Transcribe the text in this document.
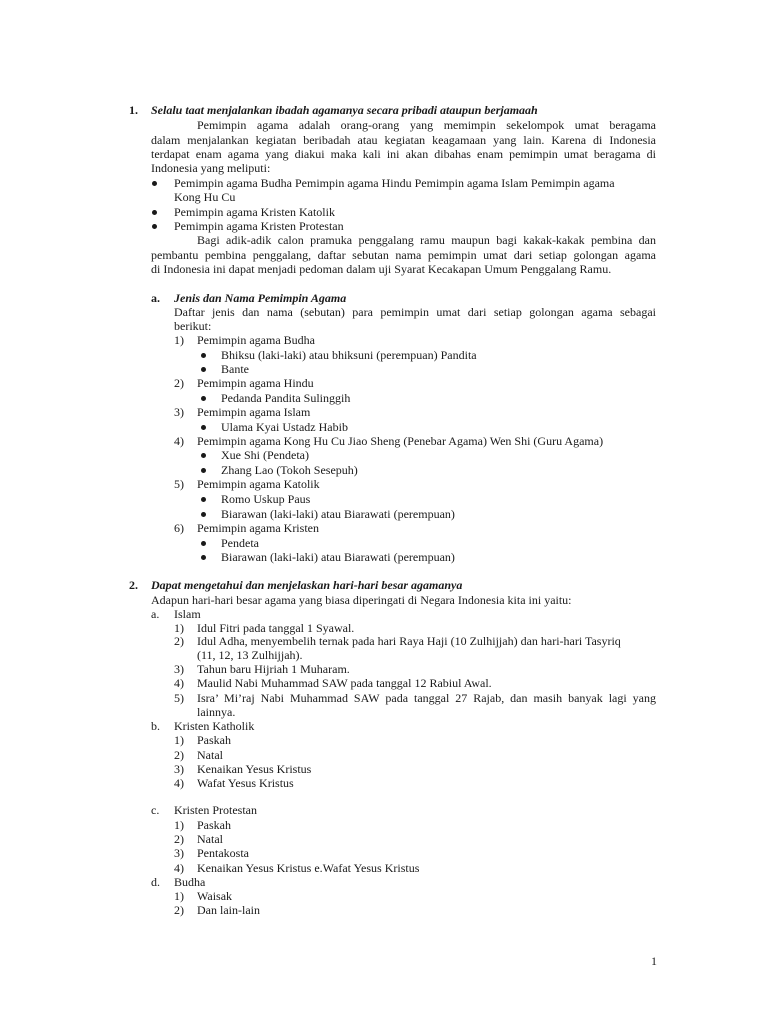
1
1. Selalu taat menjalankan ibadah agamanya secara pribadi ataupun berjamaah
Pemimpin agama adalah orang-orang yang memimpin sekelompok umat beragama
dalam menjalankan kegiatan beribadah atau kegiatan keagamaan yang lain. Karena di Indonesia
terdapat enam agama yang diakui maka kali ini akan dibahas enam pemimpin umat beragama di
Indonesia yang meliputi:
Pemimpin agama Budha Pemimpin agama Hindu Pemimpin agama Islam Pemimpin agama
Kong Hu Cu
Pemimpin agama Kristen Katolik
Pemimpin agama Kristen Protestan
Bagi adik-adik calon pramuka penggalang ramu maupun bagi kakak-kakak pembina dan
pembantu pembina penggalang, daftar sebutan nama pemimpin umat dari setiap golongan agama
di Indonesia ini dapat menjadi pedoman dalam uji Syarat Kecakapan Umum Penggalang Ramu.
a. Jenis dan Nama Pemimpin Agama
Daftar jenis dan nama (sebutan) para pemimpin umat dari setiap golongan agama sebagai
berikut:
1) Pemimpin agama Budha
Bhiksu (laki-laki) atau bhiksuni (perempuan) Pandita
Bante
2) Pemimpin agama Hindu
Pedanda Pandita Sulinggih
3) Pemimpin agama Islam
Ulama Kyai Ustadz Habib
4) Pemimpin agama Kong Hu Cu Jiao Sheng (Penebar Agama) Wen Shi (Guru Agama)
Xue Shi (Pendeta)
Zhang Lao (Tokoh Sesepuh)
5) Pemimpin agama Katolik
Romo Uskup Paus
Biarawan (laki-laki) atau Biarawati (perempuan)
6) Pemimpin agama Kristen
Pendeta
Biarawan (laki-laki) atau Biarawati (perempuan)
2. Dapat mengetahui dan menjelaskan hari-hari besar agamanya
Adapun hari-hari besar agama yang biasa diperingati di Negara Indonesia kita ini yaitu:
a. Islam
1) Idul Fitri pada tanggal 1 Syawal.
2) Idul Adha, menyembelih ternak pada hari Raya Haji (10 Zulhijjah) dan hari-hari Tasyriq
(11, 12, 13 Zulhijjah).
3) Tahun baru Hijriah 1 Muharam.
4) Maulid Nabi Muhammad SAW pada tanggal 12 Rabiul Awal.
5) Isra’ Mi’raj Nabi Muhammad SAW pada tanggal 27 Rajab, dan masih banyak lagi yang
lainnya.
b. Kristen Katholik
1) Paskah
2) Natal
3) Kenaikan Yesus Kristus
4) Wafat Yesus Kristus
c. Kristen Protestan
1) Paskah
2) Natal
3) Pentakosta
4) Kenaikan Yesus Kristus e.Wafat Yesus Kristus
d. Budha
1) Waisak
2) Dan lain-lain
